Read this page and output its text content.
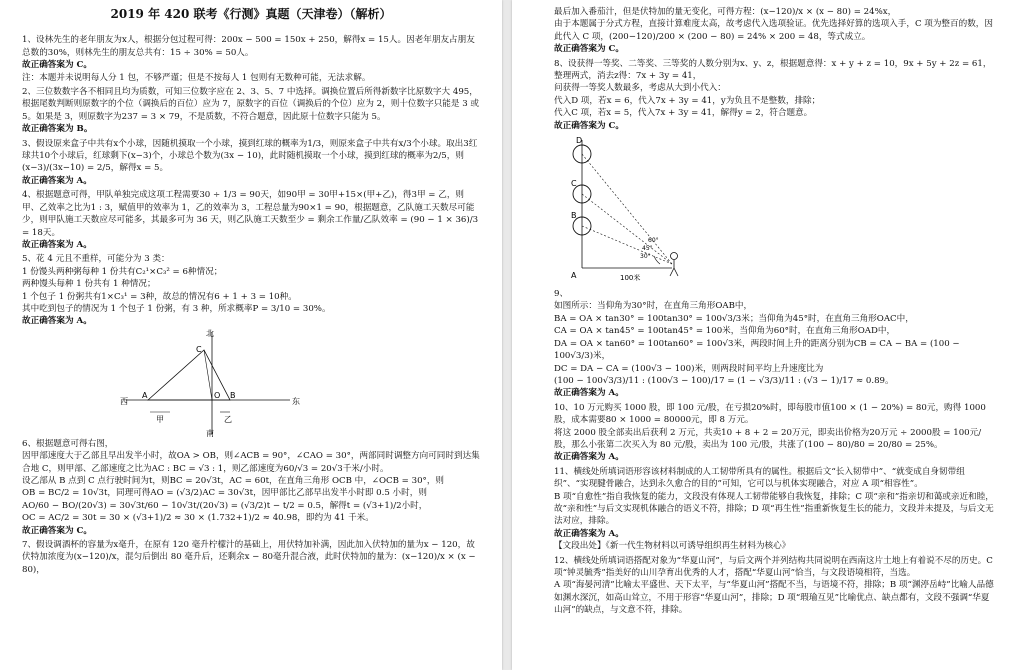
2019 年 420 联考《行测》真题（天津卷）（解析）

1、设林先生的老年朋友为x人，根据分包过程可得：200x − 500 = 150x + 250，解得x = 15人。因老年朋友占朋友总数的30%，则林先生的朋友总共有：15 ÷ 30% = 50人。

故正确答案为 C。

注：本题并未说明每人分 1 包，不够严谨；但是不按每人 1 包则有无数种可能，无法求解。

2、三位数数字各不相同且均为质数，可知三位数字应在 2、3、5、7 中选择。调换位置后所得新数字比原数字大 495，根据尾数判断则原数字的个位（调换后的百位）应为 7，原数字的百位（调换后的个位）应为 2，则十位数字只能是 3 或 5。如果是 3，则原数字为237 = 3 × 79，不是质数，不符合题意，因此原十位数字只能为 5。

故正确答案为 B。

3、假设原来盒子中共有x个小球，因随机摸取一个小球，摸到红球的概率为1/3，则原来盒子中共有x/3个小球。取出3红球共10个小球后，红球剩下(x−3)个，小球总个数为(3x − 10)，此时随机摸取一个小球，摸到红球的概率为2/5，则(x−3)/(3x−10) = 2/5，解得x = 5。

故正确答案为 A。

4、根据题意可得，甲队单独完成这项工程需要30 ÷ 1/3 = 90天，如90甲 = 30甲+15×(甲+乙)，得3甲 = 乙，则甲、乙效率之比为1 : 3，赋值甲的效率为 1，乙的效率为 3，工程总量为90×1 = 90，根据题意，乙队施工天数尽可能少，则甲队施工天数应尽可能多，其最多可为 36 天，则乙队施工天数至少 = 剩余工作量/乙队效率 = (90 − 1 × 36)/3 = 18天。

故正确答案为 A。

5、花 4 元且不重样，可能分为 3 类：

1 份馒头两种粥每种 1 份共有C₂¹×C₃² = 6种情况；

两种馒头每种 1 份共有 1 种情况；

1 个包子 1 份粥共有1×C₃¹ = 3种，故总的情况有6 + 1 + 3 = 10种。

其中吃到包子的情况为 1 个包子 1 份粥，有 3 种，所求概率P = 3/10 = 30%。

故正确答案为 A。

北
南
西	东
A	O B
C
甲	乙

6、根据题意可得右图，

因甲部速度大于乙部且早出发半小时，故OA > OB，则∠ACB = 90°，∠CAO = 30°，两部同时调整方向可同时到达集合地 C，则甲部、乙部速度之比为AC : BC = √3 : 1，则乙部速度为60/√3 = 20√3千米/小时。

设乙部从 B 点到 C 点行驶时间为t，则BC = 20√3t，AC = 60t，在直角三角形 OCB 中，∠OCB = 30°，则

OB = BC/2 = 10√3t，同理可得AO = (√3/2)AC = 30√3t，因甲部比乙部早出发半小时即 0.5 小时，则

AO/60 − BO/(20√3) = 30√3t/60 − 10√3t/(20√3) = (√3/2)t − t/2 = 0.5，解得t = (√3+1)/2小时，

OC = AC/2 = 30t = 30 × (√3+1)/2 ≈ 30 × (1.732+1)/2 ≈ 40.98，即约为 41 千米。

故正确答案为 C。

7、假设调酒杯的容量为x毫升，在原有 120 毫升柠檬汁的基础上，用伏特加补满，因此加入伏特加的量为x − 120，故伏特加浓度为(x−120)/x，混匀后倒出 80 毫升后，还剩余x − 80毫升混合液，此时伏特加的量为：(x−120)/x × (x − 80)，

最后加入番茄汁，但是伏特加的量无变化，可得方程：(x−120)/x × (x − 80) = 24%x，

由于本题属于分式方程，直接计算难度太高，故考虑代入选项验证。优先选择好算的选项入手，C 项为整百的数，因此代入 C 项，(200−120)/200 × (200 − 80) = 24% × 200 = 48，等式成立。

故正确答案为 C。

8、设获得一等奖、二等奖、三等奖的人数分别为x、y、z，根据题意得：x + y + z = 10，9x + 5y + 2z = 61，整理两式，消去z得：7x + 3y = 41，

问获得一等奖人数最多，考虑从大到小代入：

代入D 项，若x = 6，代入7x + 3y = 41，y为负且不是整数，排除；

代入C 项，若x = 5，代入7x + 3y = 41，解得y = 2，符合题意。

故正确答案为 C。

D
C
B
A	100米
30°
45°
60°

9、

如图所示：当仰角为30°时，在直角三角形OAB中，

BA = OA × tan30° = 100tan30° = 100√3/3米；当仰角为45°时，在直角三角形OAC中，

CA = OA × tan45° = 100tan45° = 100米，当仰角为60°时，在直角三角形OAD中，

DA = OA × tan60° = 100tan60° = 100√3米，两段时间上升的距离分别为CB = CA − BA = (100 − 100√3/3)米，

DC = DA − CA = (100√3 − 100)米，则两段时间平均上升速度比为

(100 − 100√3/3)/11 : (100√3 − 100)/17 = (1 − √3/3)/11 : (√3 − 1)/17 ≈ 0.89。

故正确答案为 A。

10、10 万元购买 1000 股，即 100 元/股，在亏损20%时，即每股市值100 × (1 − 20%) = 80元，购得 1000 股，成本需要80 × 1000 = 80000元，即 8 万元。

将这 2000 股全部卖出后获利 2 万元，共卖10 + 8 + 2 = 20万元，即卖出价格为20万元 ÷ 2000股 = 100元/股，那么小张第二次买入为 80 元/股，卖出为 100 元/股，共涨了(100 − 80)/80 = 20/80 = 25%。

故正确答案为 A。

11、横线处所填词语形容该材料制成的人工韧带所具有的属性。根据后文“长入韧带中”、“就变成自身韧带组织”、“实现腱骨融合，达到永久愈合的目的”可知，它可以与机体实现融合，对应 A 项“相容性”。

B 项“自愈性”指自我恢复的能力，文段没有体现人工韧带能够自我恢复，排除；C 项“亲和”指亲切和蔼或亲近和睦，故“亲和性”与后文实现机体融合的语义不符，排除；D 项“再生性”指重新恢复生长的能力，文段并未提及，与后文无法对应，排除。

故正确答案为 A。

【文段出处】《新一代生物材料以可诱导组织再生材料为核心》

12、横线处所填词语搭配对象为“华夏山河”，与后文两个并列结构共同说明在西南这片土地上有着说不尽的历史。C 项“钟灵毓秀”指美好的山川孕育出优秀的人才，搭配“华夏山河”恰当，与文段语境相符，当选。

A 项“海晏河清”比喻太平盛世、天下太平，与“华夏山河”搭配不当，与语境不符，排除；B 项“渊渟岳峙”比喻人品德如渊水深沉，如高山耸立，不用于形容“华夏山河”，排除；D 项“瑕瑜互见”比喻优点、缺点都有，文段不强调“华夏山河”的缺点，与文意不符，排除。
